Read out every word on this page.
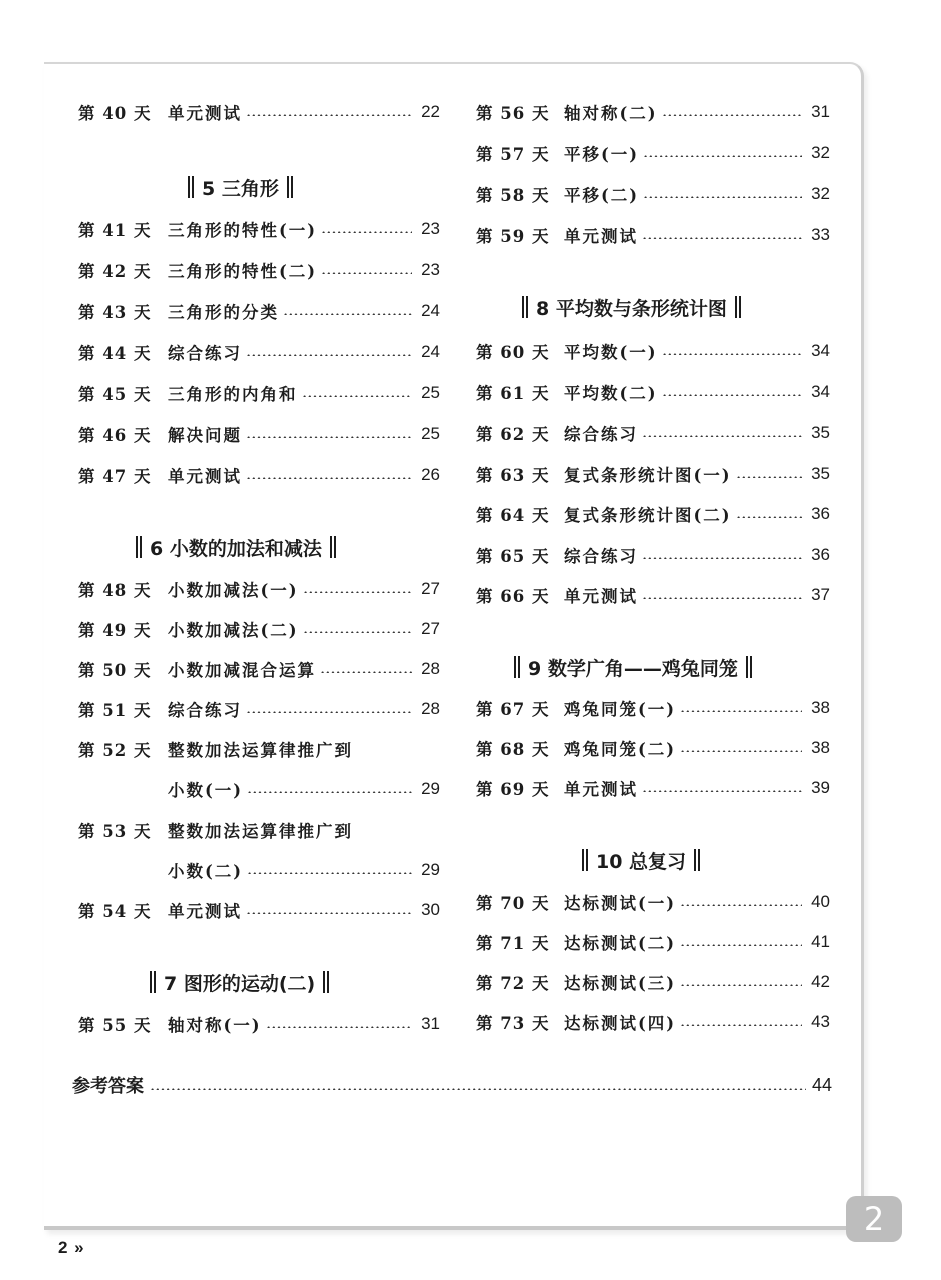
第 40 天	单元测试	22
5 三角形
第 41 天	三角形的特性(一)	23
第 42 天	三角形的特性(二)	23
第 43 天	三角形的分类	24
第 44 天	综合练习	24
第 45 天	三角形的内角和	25
第 46 天	解决问题	25
第 47 天	单元测试	26
6 小数的加法和减法
第 48 天	小数加减法(一)	27
第 49 天	小数加减法(二)	27
第 50 天	小数加减混合运算	28
第 51 天	综合练习	28
第 52 天	整数加法运算律推广到
小数(一)	29
第 53 天	整数加法运算律推广到
小数(二)	29
第 54 天	单元测试	30
7 图形的运动(二)
第 55 天	轴对称(一)	31
第 56 天 轴对称(二)	31
第 57 天 平移(一)	32
第 58 天 平移(二)	32
第 59 天 单元测试	33
8 平均数与条形统计图
第 60 天 平均数(一)	34
第 61 天 平均数(二)	34
第 62 天 综合练习	35
第 63 天 复式条形统计图(一)	35
第 64 天 复式条形统计图(二)	36
第 65 天 综合练习	36
第 66 天 单元测试	37
9 数学广角——鸡兔同笼
第 67 天 鸡兔同笼(一)	38
第 68 天 鸡兔同笼(二)	38
第 69 天 单元测试	39
10 总复习
第 70 天 达标测试(一)	40
第 71 天 达标测试(二)	41
第 72 天 达标测试(三)	42
第 73 天 达标测试(四)	43
参考答案	44
2 »
2
